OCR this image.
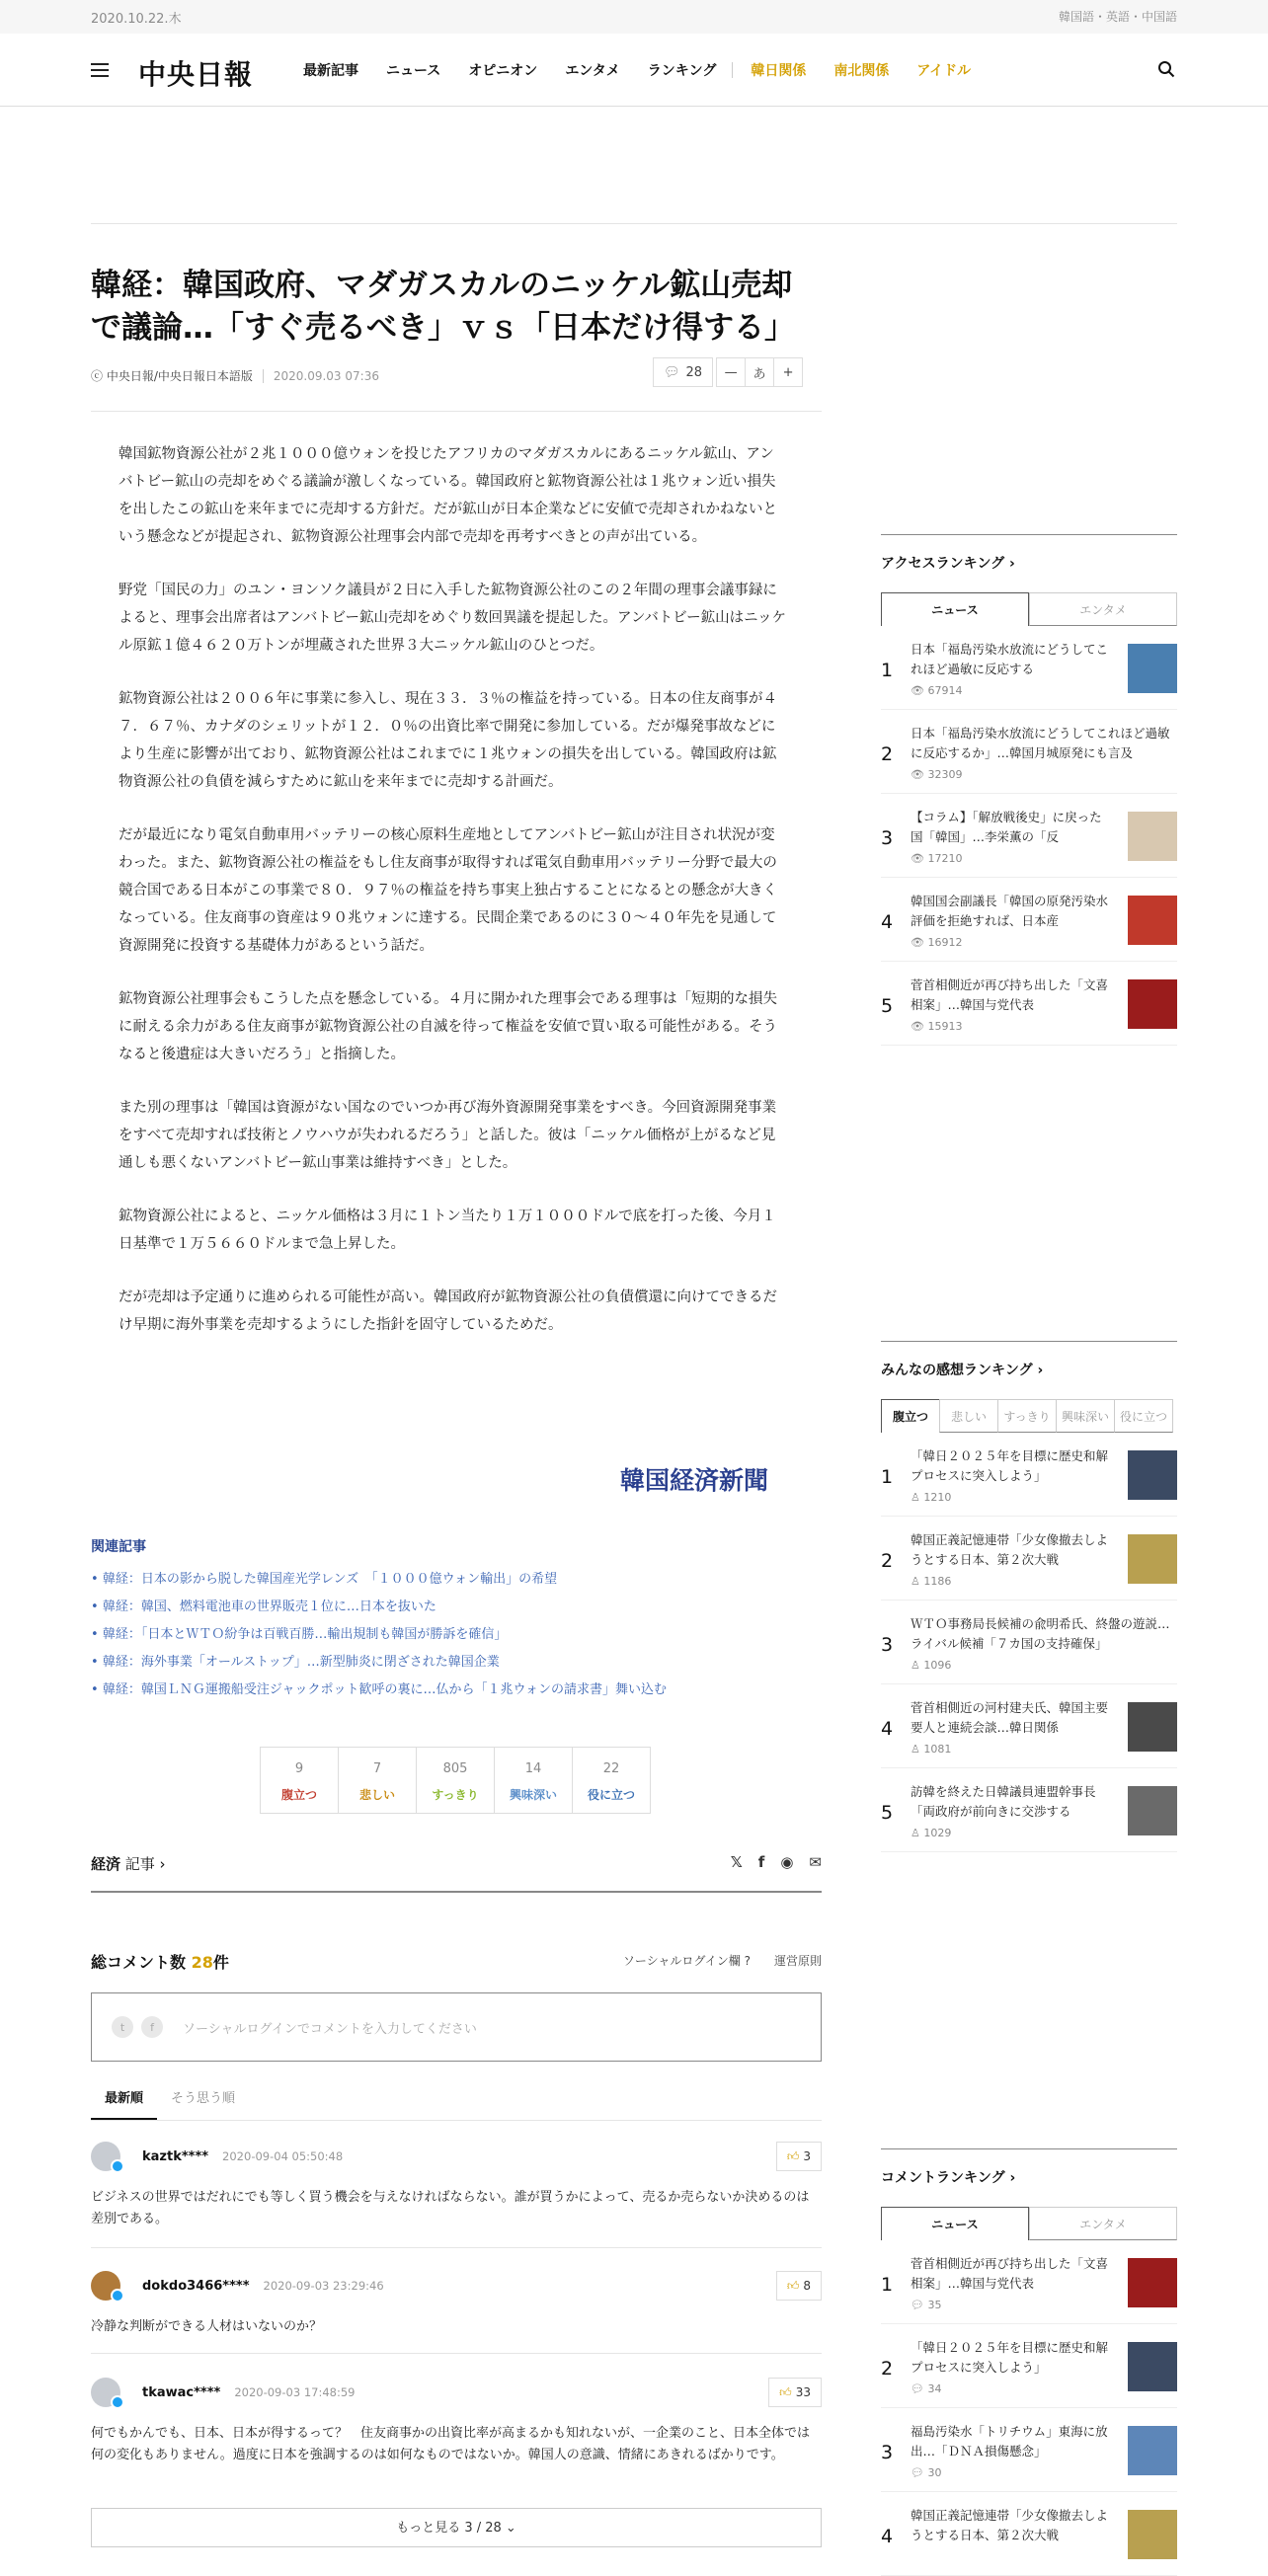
2020.10.22.木	韓国語・英語・中国語
中央日報	最新記事 ニュース オピニオン エンタメ ランキング	韓日関係 南北関係 アイドル
韓経：韓国政府、マダガスカルのニッケル鉱山売却で議論…「すぐ売るべき」ｖｓ「日本だけ得する」
ⓒ 中央日報/中央日報日本語版 2020.09.03 07:36	💬︎ 28	—	あ	+

韓国鉱物資源公社が２兆１０００億ウォンを投じたアフリカのマダガスカルにあるニッケル鉱山、アンバトビー鉱山の売却をめぐる議論が激しくなっている。韓国政府と鉱物資源公社は１兆ウォン近い損失を出したこの鉱山を来年までに売却する方針だ。だが鉱山が日本企業などに安値で売却されかねないという懸念などが提起され、鉱物資源公社理事会内部で売却を再考すべきとの声が出ている。

野党「国民の力」のユン・ヨンソク議員が２日に入手した鉱物資源公社のこの２年間の理事会議事録によると、理事会出席者はアンバトビー鉱山売却をめぐり数回異議を提起した。アンバトビー鉱山はニッケル原鉱１億４６２０万トンが埋蔵された世界３大ニッケル鉱山のひとつだ。

鉱物資源公社は２００６年に事業に参入し、現在３３．３％の権益を持っている。日本の住友商事が４７．６７％、カナダのシェリットが１２．０％の出資比率で開発に参加している。だが爆発事故などにより生産に影響が出ており、鉱物資源公社はこれまでに１兆ウォンの損失を出している。韓国政府は鉱物資源公社の負債を減らすために鉱山を来年までに売却する計画だ。

だが最近になり電気自動車用バッテリーの核心原料生産地としてアンバトビー鉱山が注目され状況が変わった。また、鉱物資源公社の権益をもし住友商事が取得すれば電気自動車用バッテリー分野で最大の競合国である日本がこの事業で８０．９７％の権益を持ち事実上独占することになるとの懸念が大きくなっている。住友商事の資産は９０兆ウォンに達する。民間企業であるのに３０～４０年先を見通して資源開発に投資する基礎体力があるという話だ。

鉱物資源公社理事会もこうした点を懸念している。４月に開かれた理事会である理事は「短期的な損失に耐える余力がある住友商事が鉱物資源公社の自滅を待って権益を安値で買い取る可能性がある。そうなると後遺症は大きいだろう」と指摘した。

また別の理事は「韓国は資源がない国なのでいつか再び海外資源開発事業をすべき。今回資源開発事業をすべて売却すれば技術とノウハウが失われるだろう」と話した。彼は「ニッケル価格が上がるなど見通しも悪くないアンバトビー鉱山事業は維持すべき」とした。

鉱物資源公社によると、ニッケル価格は３月に１トン当たり１万１０００ドルで底を打った後、今月１日基準で１万５６６０ドルまで急上昇した。

だが売却は予定通りに進められる可能性が高い。韓国政府が鉱物資源公社の負債償還に向けてできるだけ早期に海外事業を売却するようにした指針を固守しているためだ。

韓国経済新聞
関連記事
• 韓経：日本の影から脱した韓国産光学レンズ　「１０００億ウォン輸出」の希望
• 韓経：韓国、燃料電池車の世界販売１位に…日本を抜いた
• 韓経：「日本とＷＴＯ紛争は百戦百勝…輸出規制も韓国が勝訴を確信」
• 韓経：海外事業「オールストップ」…新型肺炎に閉ざされた韓国企業
• 韓経：韓国ＬＮＧ運搬船受注ジャックポット歓呼の裏に…仏から「１兆ウォンの請求書」舞い込む
9
腹立つ
7
悲しい
805
すっきり
14
興味深い
22
役に立つ
経済 記事 ›	𝕏 f ◉ ✉
総コメント数 28件	ソーシャルログイン欄 ?　　 運営原則
t	f	ソーシャルログインでコメントを入力してください
最新順	そう思う順
kaztk**** 2020-09-04 05:50:48	👍︎ 3
ビジネスの世界ではだれにでも等しく買う機会を与えなければならない。誰が買うかによって、売るか売らないか決めるのは差別である。
dokdo3466**** 2020-09-03 23:29:46	👍︎ 8
冷静な判断ができる人材はいないのか？
tkawac**** 2020-09-03 17:48:59	👍︎ 33
何でもかんでも、日本、日本が得するって？　住友商事かの出資比率が高まるかも知れないが、一企業のこと、日本全体では何の変化もありません。過度に日本を強調するのは如何なものではないか。韓国人の意識、情緒にあきれるばかりです。
もっと見る 3 / 28 ⌄
アクセスランキング ›
ニュース	エンタメ
1
日本「福島汚染水放流にどうしてこれほど過敏に反応する
👁︎ 67914
2
日本「福島汚染水放流にどうしてこれほど過敏に反応するか」…韓国月城原発にも言及
👁︎ 32309
3
【コラム】「解放戦後史」に戻った国「韓国」…李栄薫の「反
👁︎ 17210
4
韓国国会副議長「韓国の原発汚染水評価を拒絶すれば、日本産
👁︎ 16912
5
菅首相側近が再び持ち出した「文喜相案」…韓国与党代表
👁︎ 15913
みんなの感想ランキング ›
腹立つ	悲しい	すっきり 興味深い 役に立つ
1
「韓日２０２５年を目標に歴史和解プロセスに突入しよう」
♙ 1210
2
韓国正義記憶連帯「少女像撤去しようとする日本、第２次大戦
♙ 1186
3
ＷＴＯ事務局長候補の兪明希氏、終盤の遊説…ライバル候補「７カ国の支持確保」
♙ 1096
4
菅首相側近の河村建夫氏、韓国主要要人と連続会談…韓日関係
♙ 1081
5
訪韓を終えた日韓議員連盟幹事長「両政府が前向きに交渉する
♙ 1029
コメントランキング ›
ニュース	エンタメ
1
菅首相側近が再び持ち出した「文喜相案」…韓国与党代表
💬︎ 35
2
「韓日２０２５年を目標に歴史和解プロセスに突入しよう」
💬︎ 34
3
福島汚染水「トリチウム」東海に放出…「ＤＮＡ損傷懸念」
💬︎ 30
4
韓国正義記憶連帯「少女像撤去しようとする日本、第２次大戦
